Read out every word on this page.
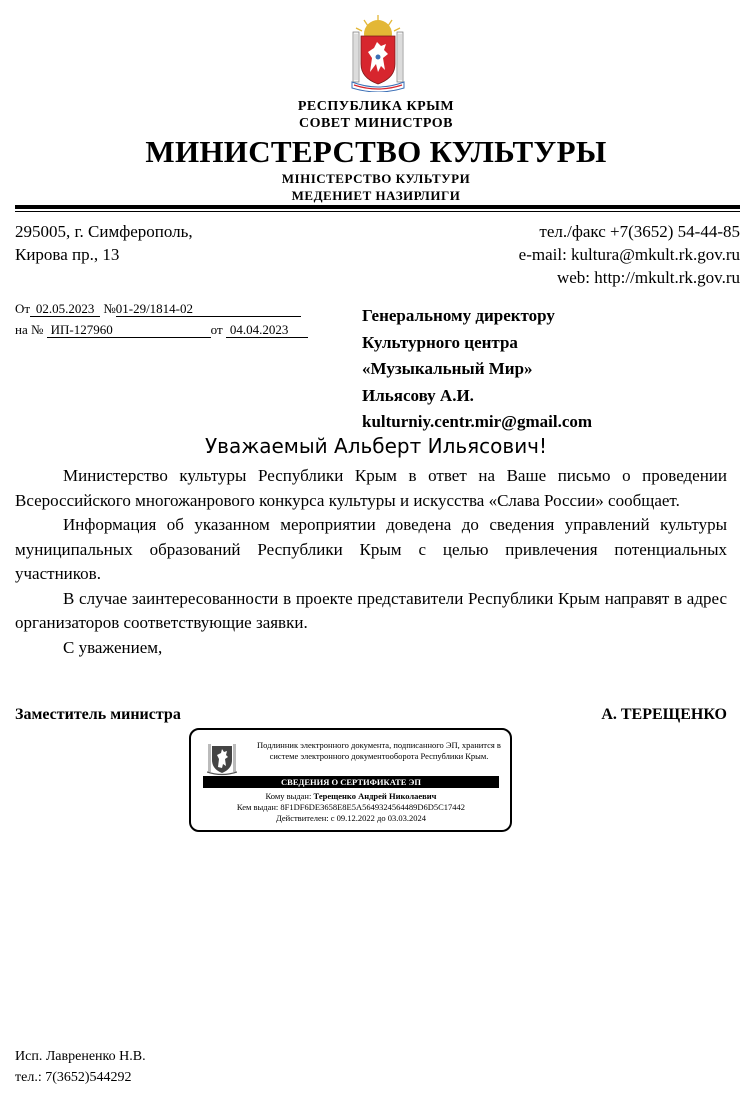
РЕСПУБЛИКА КРЫМ
СОВЕТ МИНИСТРОВ
МИНИСТЕРСТВО КУЛЬТУРЫ
МІНІСТЕРСТВО КУЛЬТУРИ
МЕДЕНИЕТ НАЗИРЛИГИ
295005, г. Симферополь,
Кирова пр., 13
тел./факс +7(3652) 54-44-85
e-mail: kultura@mkult.rk.gov.ru
web: http://mkult.rk.gov.ru
От 02.05.2023 №01-29/1814-02
на № ИП-127960	от 04.04.2023
Генеральному директору
Культурного центра
«Музыкальный Мир»
Ильясову А.И.
kulturniy.centr.mir@gmail.com
Уважаемый Альберт Ильясович!

Министерство культуры Республики Крым в ответ на Ваше письмо о проведении Всероссийского многожанрового конкурса культуры и искусства «Слава России» сообщает.

Информация об указанном мероприятии доведена до сведения управлений культуры муниципальных образований Республики Крым с целью привлечения потенциальных участников.

В случае заинтересованности в проекте представители Республики Крым направят в адрес организаторов соответствующие заявки.

С уважением,

Заместитель министра	А. ТЕРЕЩЕНКО
Подлинник электронного документа, подписанного ЭП, хранится в системе электронного документооборота Республики Крым.
СВЕДЕНИЯ О СЕРТИФИКАТЕ ЭП
Кому выдан: Терещенко Андрей Николаевич
Кем выдан: 8F1DF6DE3658E8E5A5649324564489D6D5C17442
Действителен: с 09.12.2022 до 03.03.2024
Исп. Лаврененко Н.В.
тел.: 7(3652)544292
